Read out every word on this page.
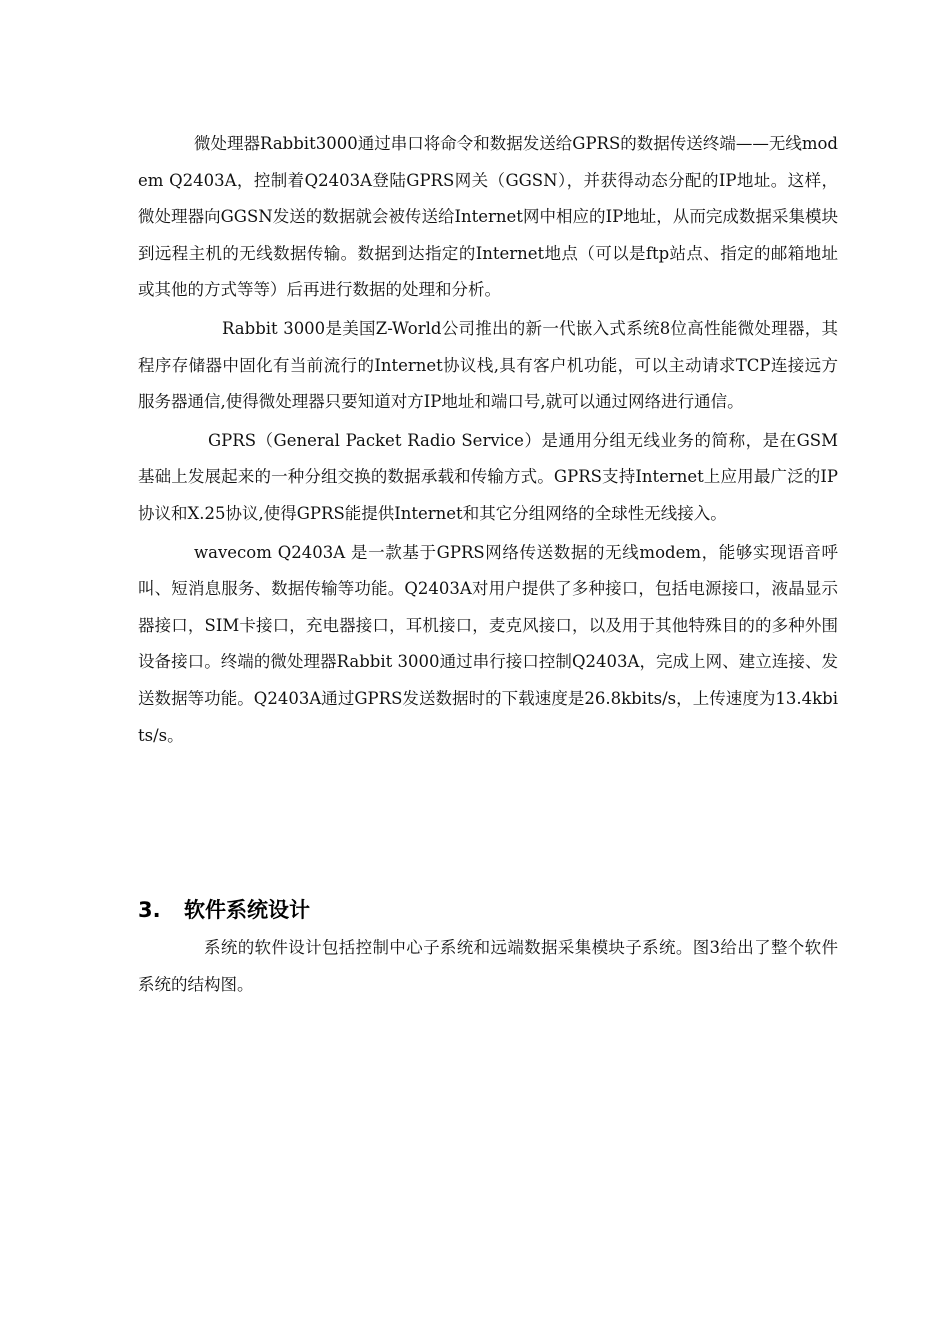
微处理器Rabbit3000通过串口将命令和数据发送给GPRS的数据传送终端——无线modem Q2403A，控制着Q2403A登陆GPRS网关（GGSN），并获得动态分配的IP地址。这样，微处理器向GGSN发送的数据就会被传送给Internet网中相应的IP地址，从而完成数据采集模块到远程主机的无线数据传输。数据到达指定的Internet地点（可以是ftp站点、指定的邮箱地址或其他的方式等等）后再进行数据的处理和分析。

Rabbit 3000是美国Z-World公司推出的新一代嵌入式系统8位高性能微处理器，其程序存储器中固化有当前流行的Internet协议栈,具有客户机功能，可以主动请求TCP连接远方服务器通信,使得微处理器只要知道对方IP地址和端口号,就可以通过网络进行通信。

GPRS（General Packet Radio Service）是通用分组无线业务的简称，是在GSM基础上发展起来的一种分组交换的数据承载和传输方式。GPRS支持Internet上应用最广泛的IP协议和X.25协议,使得GPRS能提供Internet和其它分组网络的全球性无线接入。

wavecom Q2403A 是一款基于GPRS网络传送数据的无线modem，能够实现语音呼叫、短消息服务、数据传输等功能。Q2403A对用户提供了多种接口，包括电源接口，液晶显示器接口，SIM卡接口，充电器接口，耳机接口，麦克风接口，以及用于其他特殊目的的多种外围设备接口。终端的微处理器Rabbit 3000通过串行接口控制Q2403A，完成上网、建立连接、发送数据等功能。Q2403A通过GPRS发送数据时的下载速度是26.8kbits/s，上传速度为13.4kbits/s。

3. 软件系统设计

系统的软件设计包括控制中心子系统和远端数据采集模块子系统。图3给出了整个软件系统的结构图。
